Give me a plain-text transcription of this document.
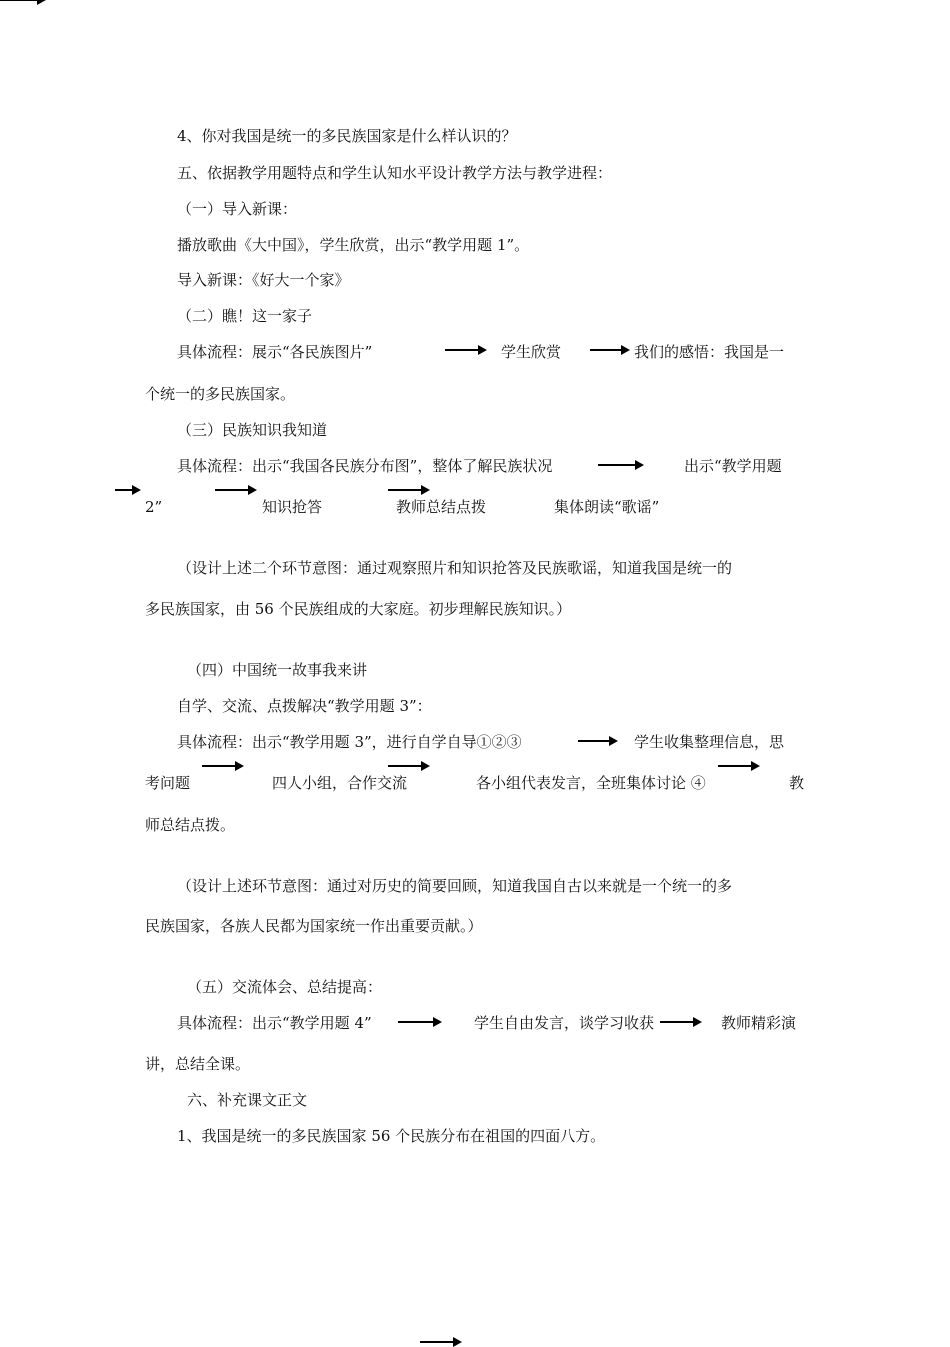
4、你对我国是统一的多民族国家是什么样认识的？
五、依据教学用题特点和学生认知水平设计教学方法与教学进程：
（一）导入新课：
播放歌曲《大中国》，学生欣赏，出示“教学用题 1”。
导入新课：《好大一个家》
（二）瞧！这一家子
具体流程：展示“各民族图片”	学生欣赏	我们的感悟：我国是一
个统一的多民族国家。
（三）民族知识我知道
具体流程：出示“我国各民族分布图”，整体了解民族状况	出示“教学用题
2”	知识抢答	教师总结点拨	集体朗读“歌谣”
（设计上述二个环节意图：通过观察照片和知识抢答及民族歌谣，知道我国是统一的
多民族国家，由 56 个民族组成的大家庭。初步理解民族知识。）
（四）中国统一故事我来讲
自学、交流、点拨解决“教学用题 3”：
具体流程：出示“教学用题 3”，进行自学自导①②③	学生收集整理信息，思
考问题	四人小组，合作交流	各小组代表发言，全班集体讨论 ④	教
师总结点拨。
（设计上述环节意图：通过对历史的简要回顾，知道我国自古以来就是一个统一的多
民族国家，各族人民都为国家统一作出重要贡献。）
（五）交流体会、总结提高：
具体流程：出示“教学用题 4”	学生自由发言，谈学习收获	教师精彩演
讲，总结全课。
六、补充课文正文
1、我国是统一的多民族国家 56 个民族分布在祖国的四面八方。
